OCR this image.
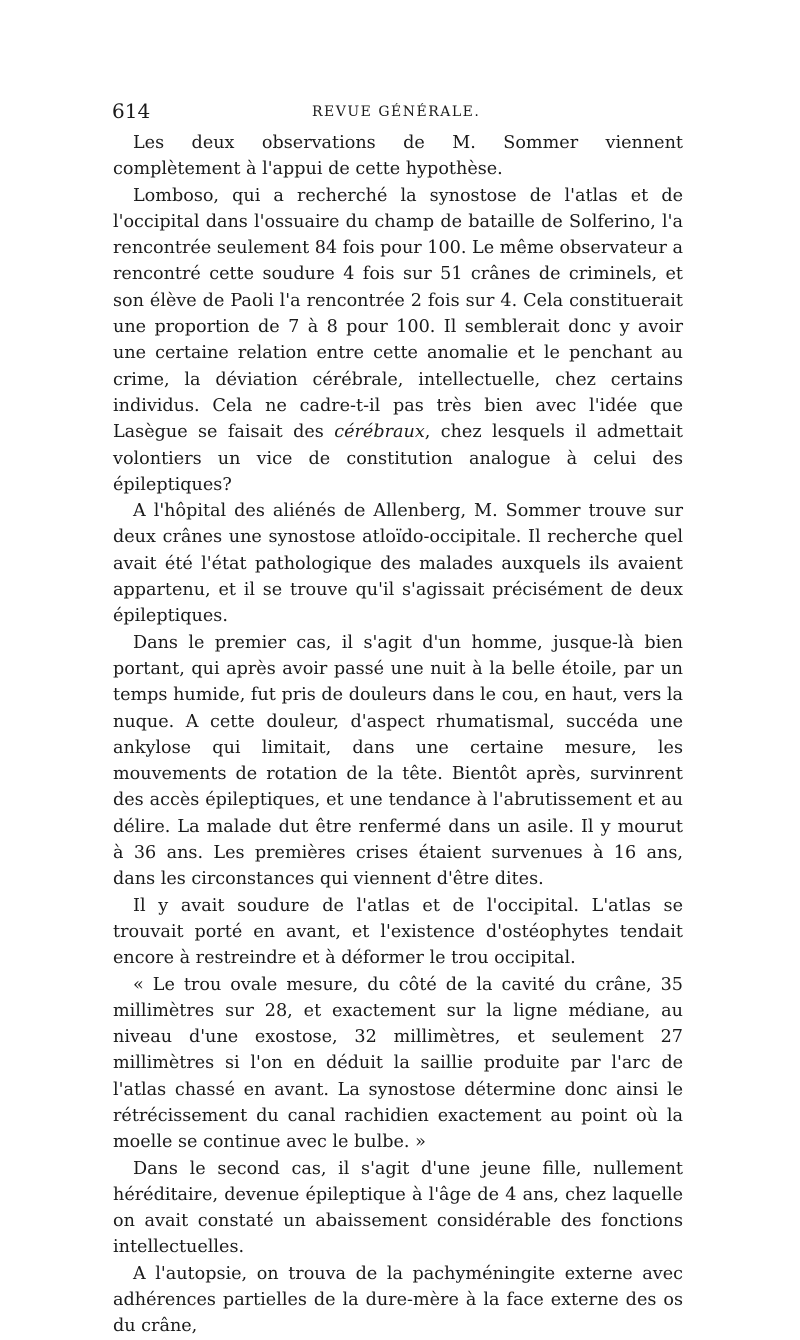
614	REVUE GÉNÉRALE.

Les deux observations de M. Sommer viennent complètement à l'appui de cette hypothèse.

Lomboso, qui a recherché la synostose de l'atlas et de l'occipital dans l'ossuaire du champ de bataille de Solferino, l'a rencontrée seulement 84 fois pour 100. Le même observateur a rencontré cette soudure 4 fois sur 51 crânes de criminels, et son élève de Paoli l'a rencontrée 2 fois sur 4. Cela constituerait une proportion de 7 à 8 pour 100. Il semblerait donc y avoir une certaine relation entre cette anomalie et le penchant au crime, la déviation cérébrale, intellectuelle, chez certains individus. Cela ne cadre-t-il pas très bien avec l'idée que Lasègue se faisait des cérébraux, chez lesquels il admettait volontiers un vice de constitution analogue à celui des épileptiques?

A l'hôpital des aliénés de Allenberg, M. Sommer trouve sur deux crânes une synostose atloïdo-occipitale. Il recherche quel avait été l'état pathologique des malades auxquels ils avaient appartenu, et il se trouve qu'il s'agissait précisément de deux épileptiques.

Dans le premier cas, il s'agit d'un homme, jusque-là bien portant, qui après avoir passé une nuit à la belle étoile, par un temps humide, fut pris de douleurs dans le cou, en haut, vers la nuque. A cette douleur, d'aspect rhumatismal, succéda une ankylose qui limitait, dans une certaine mesure, les mouvements de rotation de la tête. Bientôt après, survinrent des accès épileptiques, et une tendance à l'abrutissement et au délire. La malade dut être renfermé dans un asile. Il y mourut à 36 ans. Les premières crises étaient survenues à 16 ans, dans les circonstances qui viennent d'être dites.

Il y avait soudure de l'atlas et de l'occipital. L'atlas se trouvait porté en avant, et l'existence d'ostéophytes tendait encore à restreindre et à déformer le trou occipital.

« Le trou ovale mesure, du côté de la cavité du crâne, 35 millimètres sur 28, et exactement sur la ligne médiane, au niveau d'une exostose, 32 millimètres, et seulement 27 millimètres si l'on en déduit la saillie produite par l'arc de l'atlas chassé en avant. La synostose détermine donc ainsi le rétrécissement du canal rachidien exactement au point où la moelle se continue avec le bulbe. »

Dans le second cas, il s'agit d'une jeune fille, nullement héréditaire, devenue épileptique à l'âge de 4 ans, chez laquelle on avait constaté un abaissement considérable des fonctions intellectuelles.

A l'autopsie, on trouva de la pachyméningite externe avec adhérences partielles de la dure-mère à la face externe des os du crâne,
